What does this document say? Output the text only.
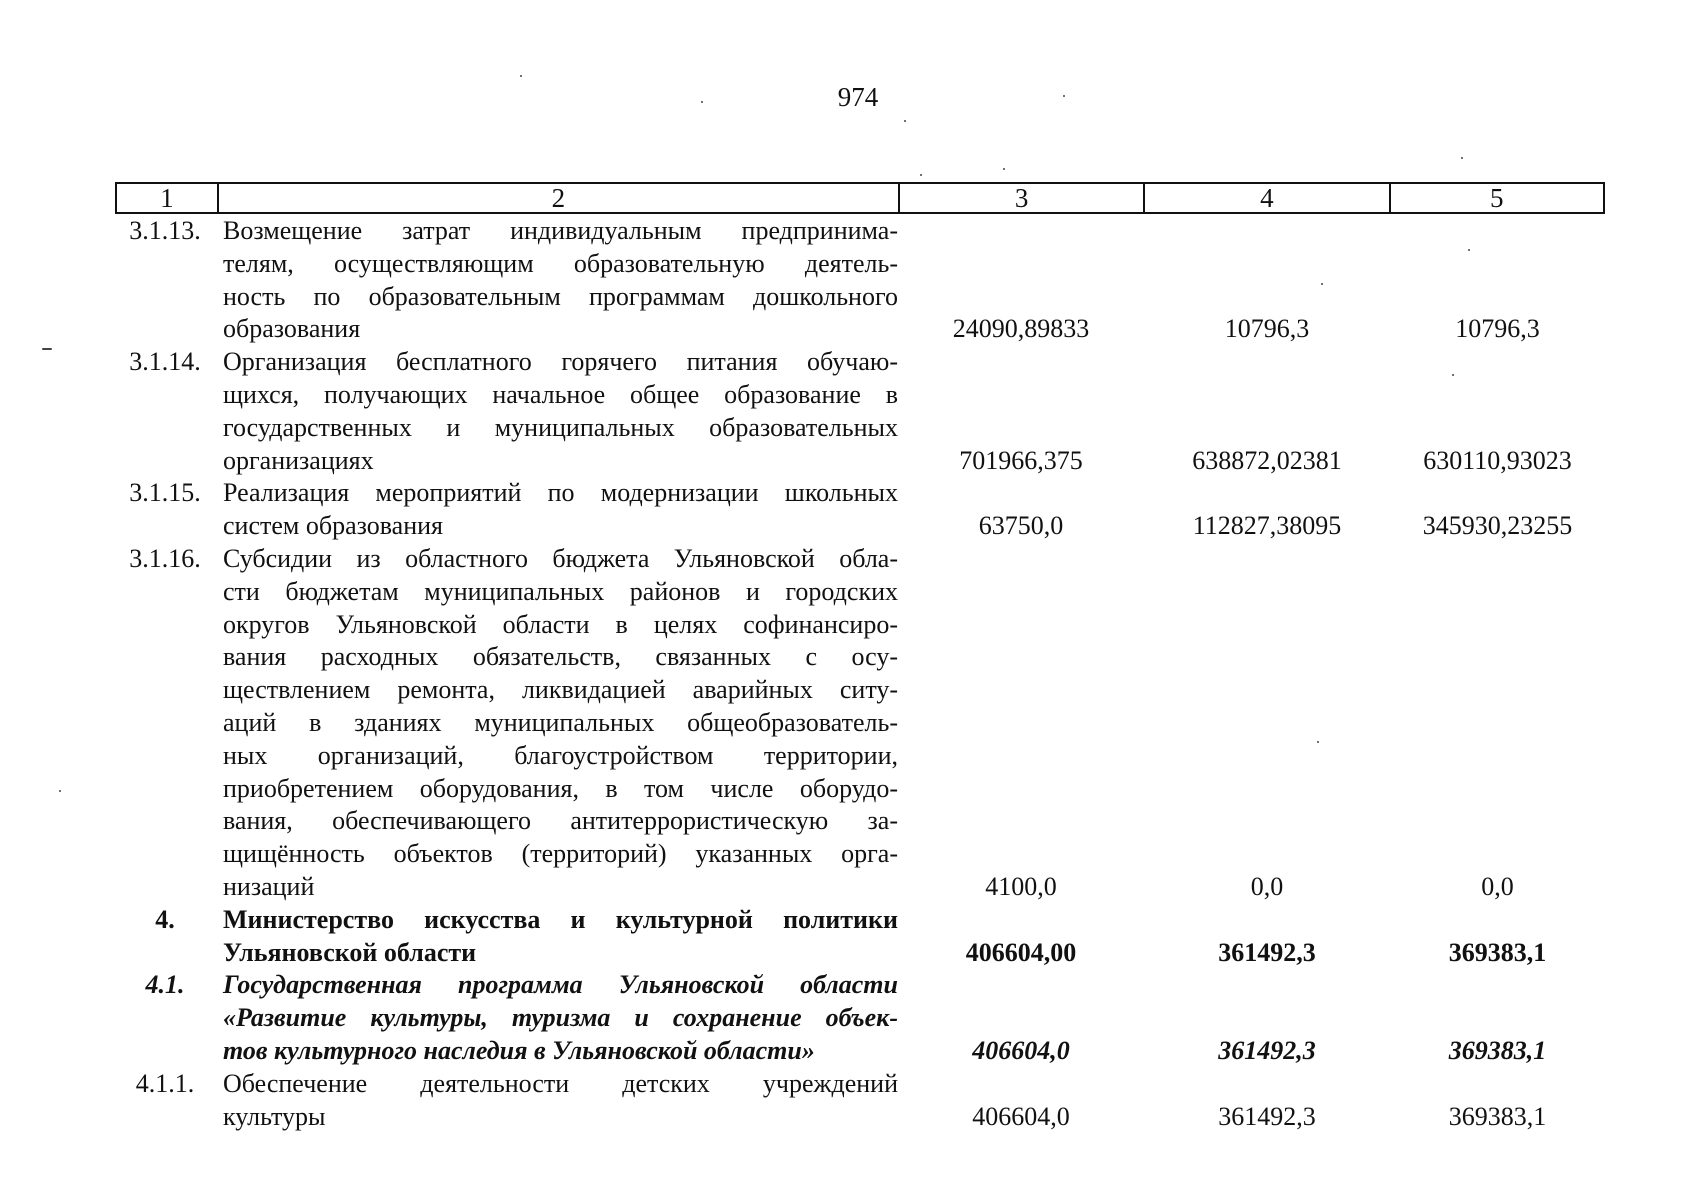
974
1	2	3	4	5
3.1.13. Возмещение затрат индивидуальным предпринима-
телям, осуществляющим образовательную деятель-
ность по образовательным программам дошкольного
образования	24090,89833	10796,3	10796,3
3.1.14. Организация бесплатного горячего питания обучаю-
щихся, получающих начальное общее образование в
государственных и муниципальных образовательных
организациях	701966,375	638872,02381	630110,93023
3.1.15. Реализация мероприятий по модернизации школьных
систем образования	63750,0	112827,38095	345930,23255
3.1.16. Субсидии из областного бюджета Ульяновской обла-
сти бюджетам муниципальных районов и городских
округов Ульяновской области в целях софинансиро-
вания расходных обязательств, связанных с осу-
ществлением ремонта, ликвидацией аварийных ситу-
аций в зданиях муниципальных общеобразователь-
ных организаций, благоустройством территории,
приобретением оборудования, в том числе оборудо-
вания, обеспечивающего антитеррористическую за-
щищённость объектов (территорий) указанных орга-
низаций	4100,0	0,0	0,0
4.	Министерство искусства и культурной политики
Ульяновской области	406604,00	361492,3	369383,1
4.1.	Государственная программа Ульяновской области
«Развитие культуры, туризма и сохранение объек-
тов культурного наследия в Ульяновской области»	406604,0	361492,3	369383,1
4.1.1.	Обеспечение деятельности детских учреждений
культуры	406604,0	361492,3	369383,1
